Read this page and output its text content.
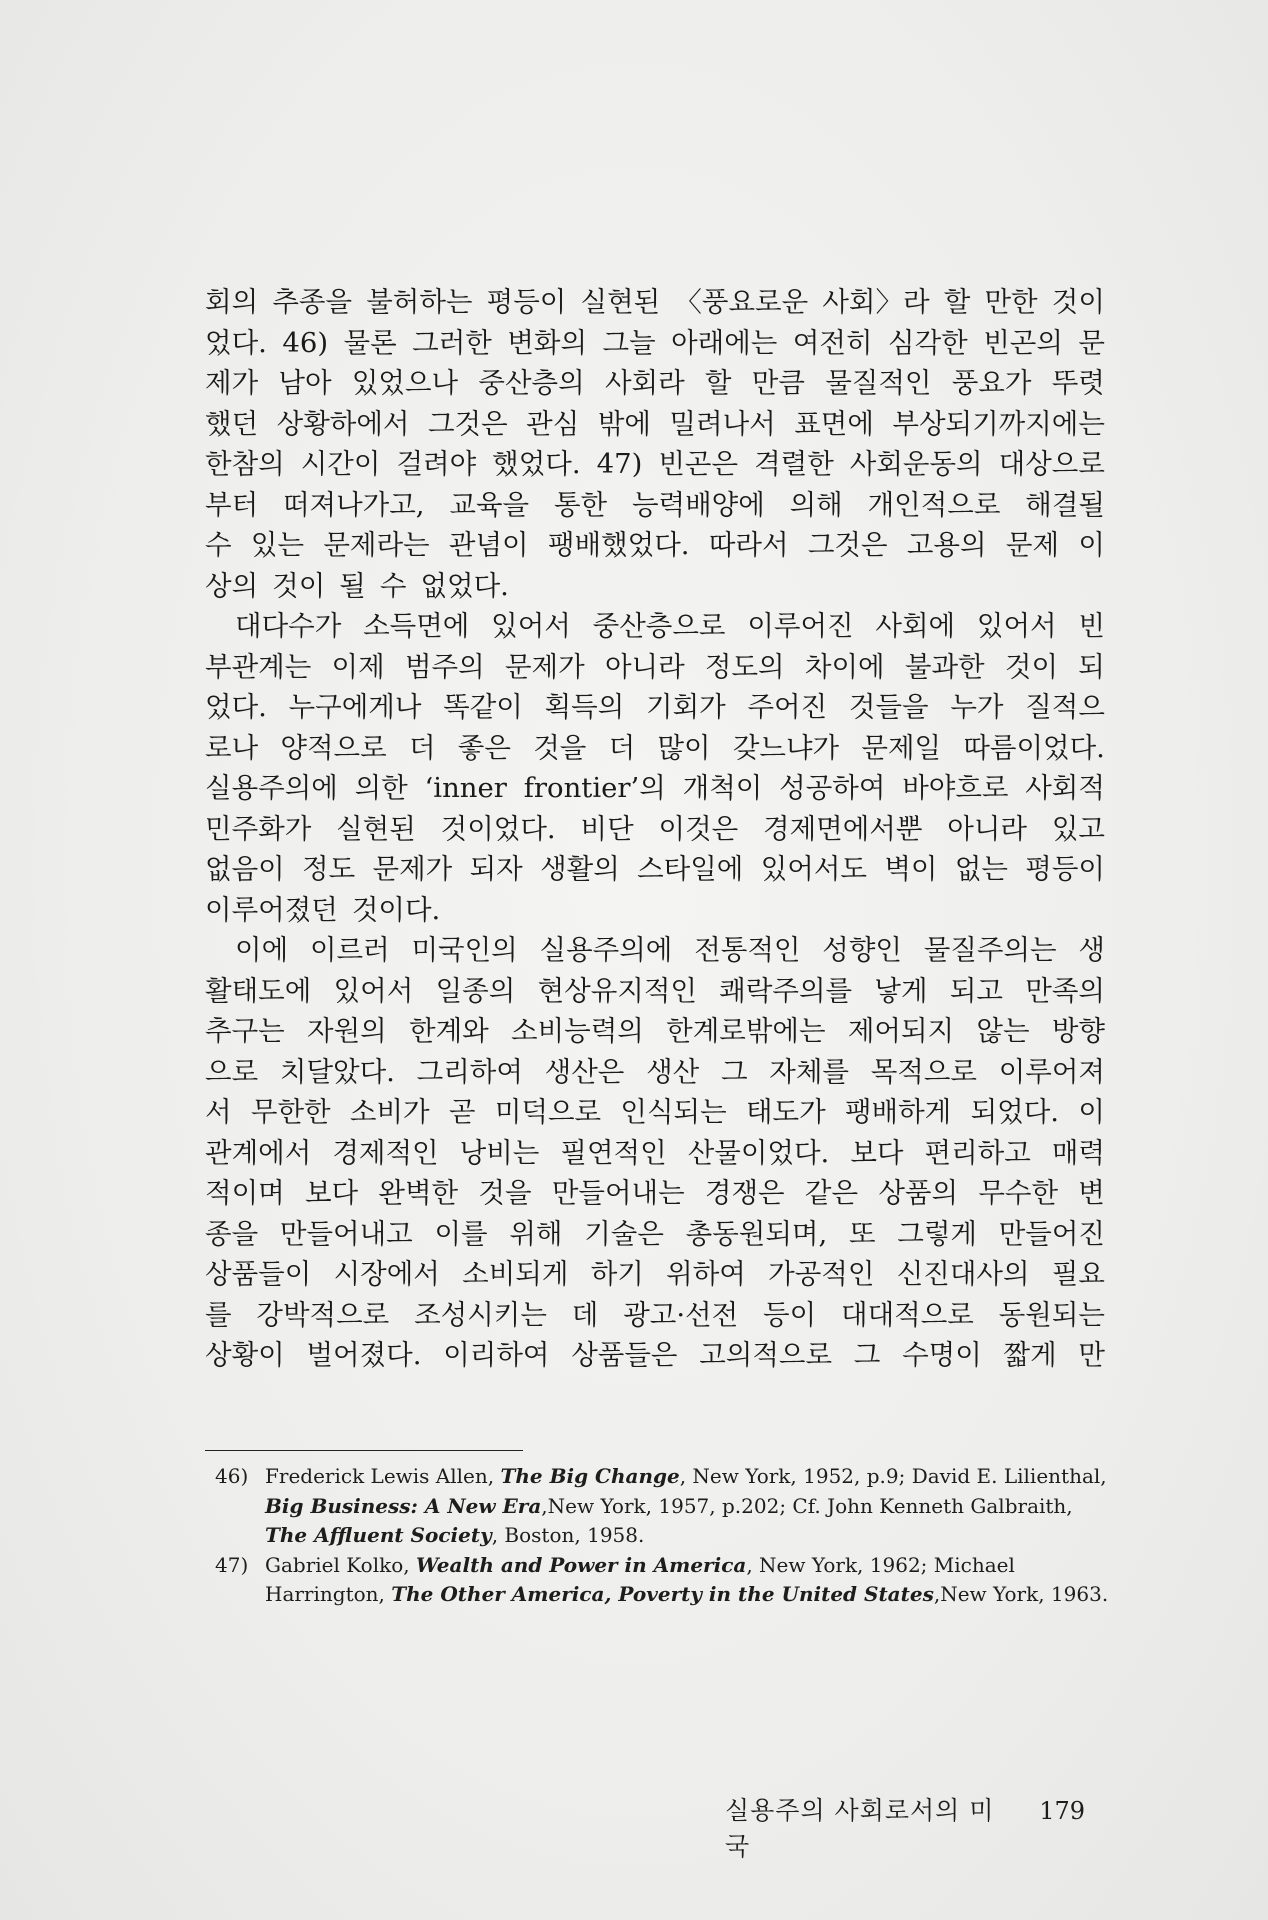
회의 추종을 불허하는 평등이 실현된 〈풍요로운 사회〉라 할 만한 것이
었다. 46) 물론 그러한 변화의 그늘 아래에는 여전히 심각한 빈곤의 문
제가 남아 있었으나 중산층의 사회라 할 만큼 물질적인 풍요가 뚜렷
했던 상황하에서 그것은 관심 밖에 밀려나서 표면에 부상되기까지에는
한참의 시간이 걸려야 했었다. 47) 빈곤은 격렬한 사회운동의 대상으로
부터 떠져나가고, 교육을 통한 능력배양에 의해 개인적으로 해결될
수 있는 문제라는 관념이 팽배했었다. 따라서 그것은 고용의 문제 이
상의 것이 될 수 없었다.
대다수가 소득면에 있어서 중산층으로 이루어진 사회에 있어서 빈
부관계는 이제 범주의 문제가 아니라 정도의 차이에 불과한 것이 되
었다. 누구에게나 똑같이 획득의 기회가 주어진 것들을 누가 질적으
로나 양적으로 더 좋은 것을 더 많이 갖느냐가 문제일 따름이었다.
실용주의에 의한 ‘inner frontier’의 개척이 성공하여 바야흐로 사회적
민주화가 실현된 것이었다. 비단 이것은 경제면에서뿐 아니라 있고
없음이 정도 문제가 되자 생활의 스타일에 있어서도 벽이 없는 평등이
이루어졌던 것이다.
이에 이르러 미국인의 실용주의에 전통적인 성향인 물질주의는 생
활태도에 있어서 일종의 현상유지적인 쾌락주의를 낳게 되고 만족의
추구는 자원의 한계와 소비능력의 한계로밖에는 제어되지 않는 방향
으로 치달았다. 그리하여 생산은 생산 그 자체를 목적으로 이루어져
서 무한한 소비가 곧 미덕으로 인식되는 태도가 팽배하게 되었다. 이
관계에서 경제적인 낭비는 필연적인 산물이었다. 보다 편리하고 매력
적이며 보다 완벽한 것을 만들어내는 경쟁은 같은 상품의 무수한 변
종을 만들어내고 이를 위해 기술은 총동원되며, 또 그렇게 만들어진
상품들이 시장에서 소비되게 하기 위하여 가공적인 신진대사의 필요
를 강박적으로 조성시키는 데 광고·선전 등이 대대적으로 동원되는
상황이 벌어졌다. 이리하여 상품들은 고의적으로 그 수명이 짧게 만
46) Frederick Lewis Allen, The Big Change, New York, 1952, p.9; David E. Lilienthal, Big Business: A New Era,New York, 1957, p.202; Cf. John Kenneth Galbraith, The Affluent Society, Boston, 1958.
47) Gabriel Kolko, Wealth and Power in America, New York, 1962; Michael Harrington, The Other America, Poverty in the United States,New York, 1963.
실용주의 사회로서의 미국
179
